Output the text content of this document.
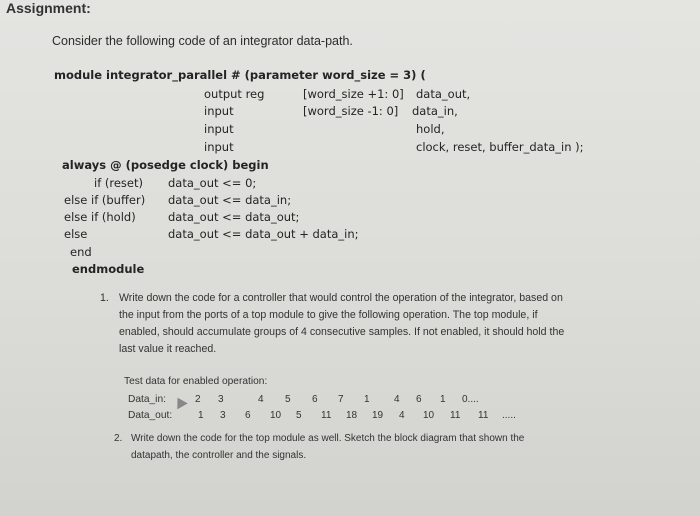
Assignment:
Consider the following code of an integrator data-path.
module integrator_parallel # (parameter word_size = 3) (
output reg	[word_size +1: 0] data_out,
input	[word_size -1: 0] data_in,
input	hold,
input	clock, reset, buffer_data_in );
always @ (posedge clock) begin
if (reset) data_out <= 0;
else if (buffer) data_out <= data_in;
else if (hold)	data_out <= data_out;
else	data_out <= data_out + data_in;
end
endmodule
1. Write down the code for a controller that would control the operation of the integrator, based on
the input from the ports of a top module to give the following operation. The top module, if
enabled, should accumulate groups of 4 consecutive samples. If not enabled, it should hold the
last value it reached.
Test data for enabled operation:
Data_in:	2 3	4 5 6 7 1 4 6 1 0....
Data_out:	1 3 6 10 5 11 18 19 4 10 11 11 .....
2. Write down the code for the top module as well. Sketch the block diagram that shown the
datapath, the controller and the signals.
